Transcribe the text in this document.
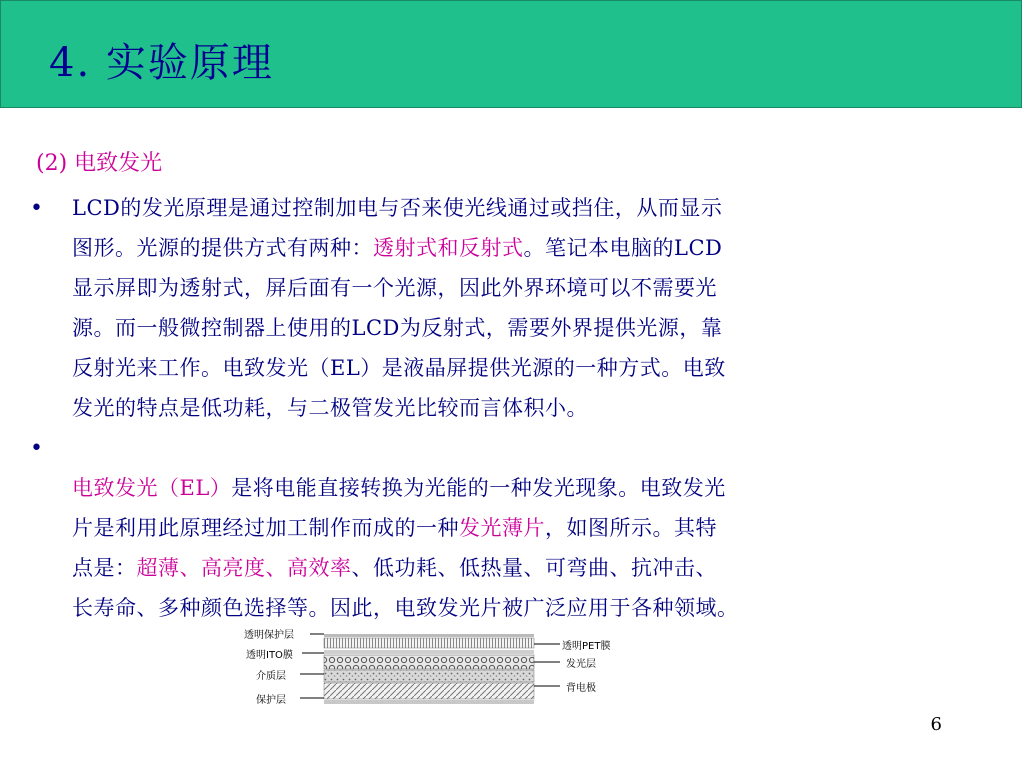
4. 实验原理
(2) 电致发光
• LCD的发光原理是通过控制加电与否来使光线通过或挡住，从而显示
图形。光源的提供方式有两种：透射式和反射式。笔记本电脑的LCD
显示屏即为透射式，屏后面有一个光源，因此外界环境可以不需要光
源。而一般微控制器上使用的LCD为反射式，需要外界提供光源，靠
反射光来工作。电致发光（EL）是液晶屏提供光源的一种方式。电致
发光的特点是低功耗，与二极管发光比较而言体积小。
•
电致发光（EL）是将电能直接转换为光能的一种发光现象。电致发光
片是利用此原理经过加工制作而成的一种发光薄片，如图所示。其特
点是：超薄、高亮度、高效率、低功耗、低热量、可弯曲、抗冲击、
长寿命、多种颜色选择等。因此，电致发光片被广泛应用于各种领域。
透明保护层
透明ITO膜
介质层
保护层
透明PET膜
发光层
背电极
6
